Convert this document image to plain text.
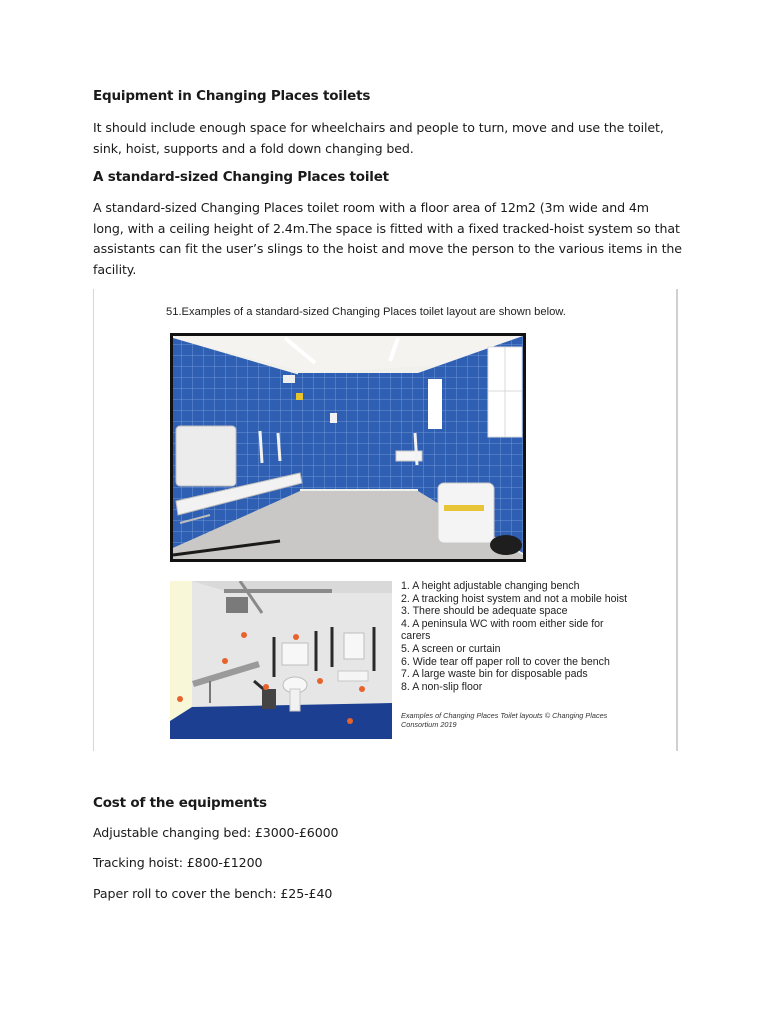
Equipment in Changing Places toilets
It should include enough space for wheelchairs and people to turn, move and use the toilet, sink, hoist, supports and a fold down changing bed.
A standard-sized Changing Places toilet
A standard-sized Changing Places toilet room with a floor area of 12m2 (3m wide and 4m long, with a ceiling height of 2.4m.The space is fitted with a fixed tracked-hoist system so that assistants can fit the user’s slings to the hoist and move the person to the various items in the facility.
51.Examples of a standard-sized Changing Places toilet layout are shown below.
1. A height adjustable changing bench
2. A tracking hoist system and not a mobile hoist
3. There should be adequate space
4. A peninsula WC with room either side for carers
5. A screen or curtain
6. Wide tear off paper roll to cover the bench
7. A large waste bin for disposable pads
8. A non-slip floor
Examples of Changing Places Toilet layouts © Changing Places Consortium 2019
Cost of the equipments
Adjustable changing bed: £3000-£6000
Tracking hoist: £800-£1200
Paper roll to cover the bench: £25-£40
